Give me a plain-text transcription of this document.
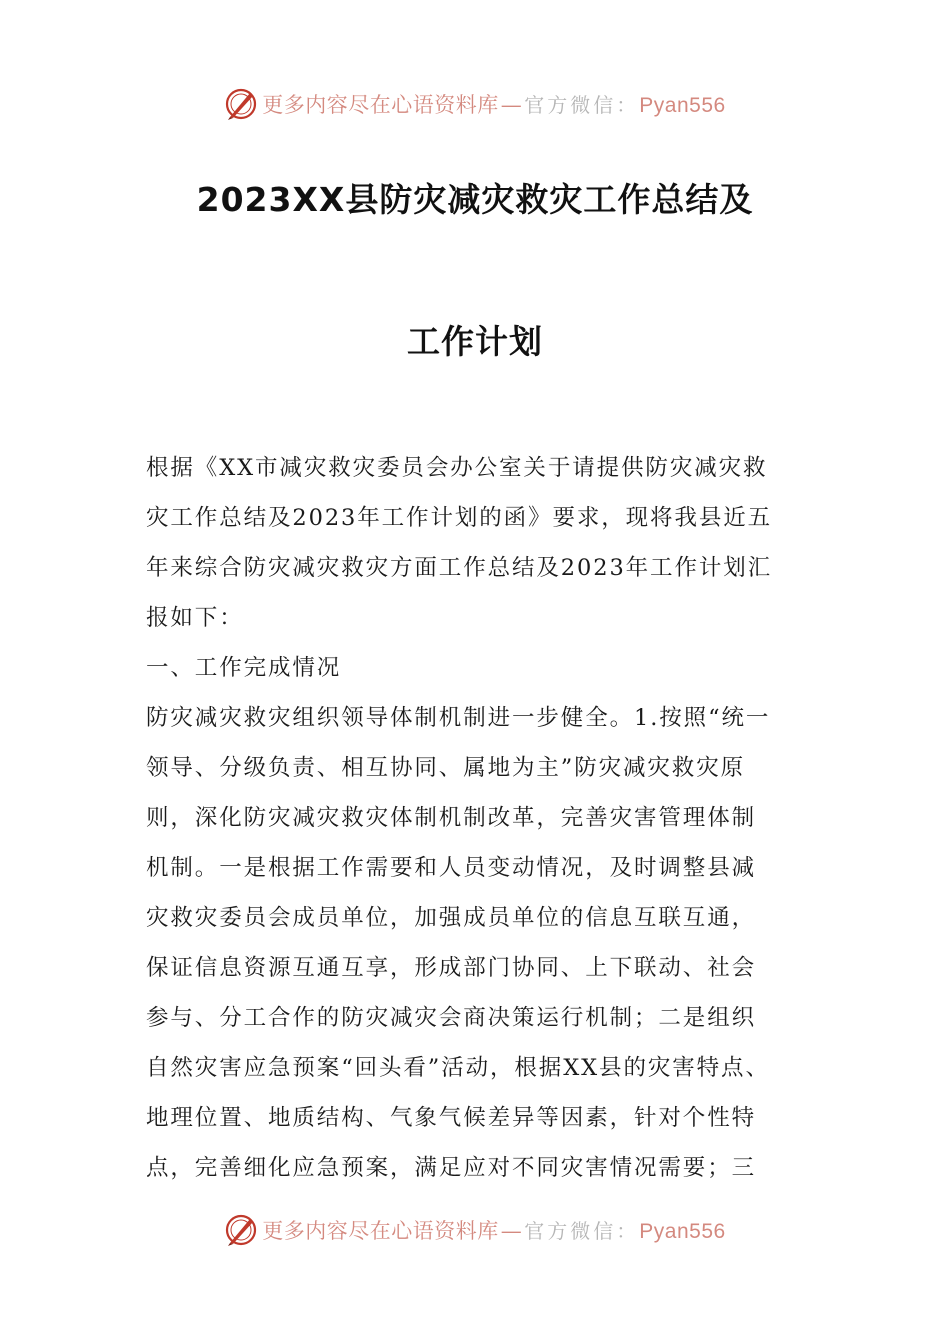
更多内容尽在心语资料库— 官方微信：Pyan556
2023XX县防灾减灾救灾工作总结及
工作计划
根据《XX市减灾救灾委员会办公室关于请提供防灾减灾救
灾工作总结及2023年工作计划的函》要求，现将我县近五
年来综合防灾减灾救灾方面工作总结及2023年工作计划汇
报如下：
一、工作完成情况
防灾减灾救灾组织领导体制机制进一步健全。1.按照“统一
领导、分级负责、相互协同、属地为主”防灾减灾救灾原
则，深化防灾减灾救灾体制机制改革，完善灾害管理体制
机制。一是根据工作需要和人员变动情况，及时调整县减
灾救灾委员会成员单位，加强成员单位的信息互联互通，
保证信息资源互通互享，形成部门协同、上下联动、社会
参与、分工合作的防灾减灾会商决策运行机制；二是组织
自然灾害应急预案“回头看”活动，根据XX县的灾害特点、
地理位置、地质结构、气象气候差异等因素，针对个性特
点，完善细化应急预案，满足应对不同灾害情况需要；三
更多内容尽在心语资料库— 官方微信：Pyan556
